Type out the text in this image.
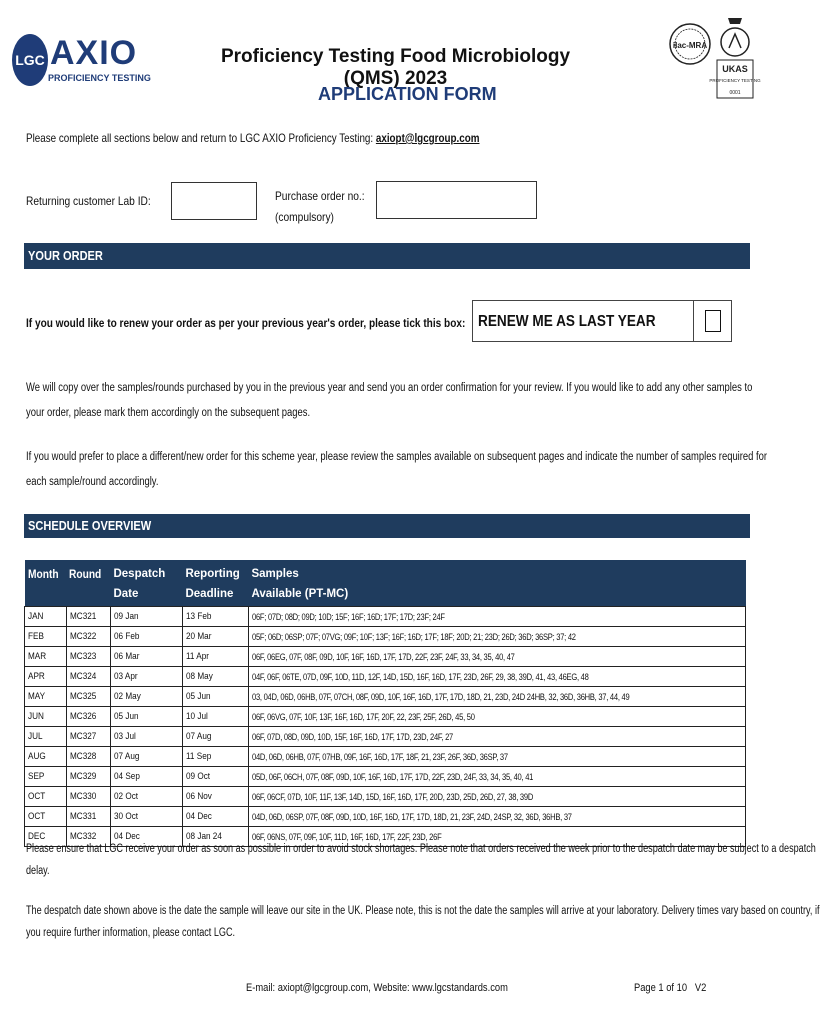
LGC AXIO
PROFICIENCY TESTING
Proficiency Testing Food Microbiology (QMS) 2023
APPLICATION FORM
ilac-MRA
UKAS
PROFICIENCY TESTING
0001
Please complete all sections below and return to LGC AXIO Proficiency Testing: axiopt@lgcgroup.com
Returning customer Lab ID:	Purchase order no.:
(compulsory)
YOUR ORDER
If you would like to renew your order as per your previous year's order, please tick this box: RENEW ME AS LAST YEAR
We will copy over the samples/rounds purchased by you in the previous year and send you an order confirmation for your review. If you would like to add any other samples to
your order, please mark them accordingly on the subsequent pages.
If you would prefer to place a different/new order for this scheme year, please review the samples available on subsequent pages and indicate the number of samples required for
each sample/round accordingly.
SCHEDULE OVERVIEW
Month	Round	Despatch Date	Reporting Deadline	Samples Available (PT-MC)
JAN	MC321	09 Jan	13 Feb	06F; 07D; 08D; 09D; 10D; 15F; 16F; 16D; 17F; 17D; 23F; 24F
FEB	MC322	06 Feb	20 Mar	05F; 06D; 06SP; 07F; 07VG; 09F; 10F; 13F; 16F; 16D; 17F; 18F; 20D; 21; 23D; 26D; 36D; 36SP; 37; 42
MAR	MC323	06 Mar	11 Apr	06F, 06EG, 07F, 08F, 09D, 10F, 16F, 16D, 17F, 17D, 22F, 23F, 24F, 33, 34, 35, 40, 47
APR	MC324	03 Apr	08 May	04F, 06F, 06TE, 07D, 09F, 10D, 11D, 12F, 14D, 15D, 16F, 16D, 17F, 23D, 26F, 29, 38, 39D, 41, 43, 46EG, 48
MAY	MC325	02 May	05 Jun	03, 04D, 06D, 06HB, 07F, 07CH, 08F, 09D, 10F, 16F, 16D, 17F, 17D, 18D, 21, 23D, 24D 24HB, 32, 36D, 36HB, 37, 44, 49
JUN	MC326	05 Jun	10 Jul	06F, 06VG, 07F, 10F, 13F, 16F, 16D, 17F, 20F, 22, 23F, 25F, 26D, 45, 50
JUL	MC327	03 Jul	07 Aug	06F, 07D, 08D, 09D, 10D, 15F, 16F, 16D, 17F, 17D, 23D, 24F, 27
AUG	MC328	07 Aug	11 Sep	04D, 06D, 06HB, 07F, 07HB, 09F, 16F, 16D, 17F, 18F, 21, 23F, 26F, 36D, 36SP, 37
SEP	MC329	04 Sep	09 Oct	05D, 06F, 06CH, 07F, 08F, 09D, 10F, 16F, 16D, 17F, 17D, 22F, 23D, 24F, 33, 34, 35, 40, 41
OCT	MC330	02 Oct	06 Nov	06F, 06CF, 07D, 10F, 11F, 13F, 14D, 15D, 16F, 16D, 17F, 20D, 23D, 25D, 26D, 27, 38, 39D
OCT	MC331	30 Oct	04 Dec	04D, 06D, 06SP, 07F, 08F, 09D, 10D, 16F, 16D, 17F, 17D, 18D, 21, 23F, 24D, 24SP, 32, 36D, 36HB, 37
DEC	MC332	04 Dec	08 Jan 24	06F, 06NS, 07F, 09F, 10F, 11D, 16F, 16D, 17F, 22F, 23D, 26F
Please ensure that LGC receive your order as soon as possible in order to avoid stock shortages. Please note that orders received the week prior to the despatch date may be subject to a despatch
delay.
The despatch date shown above is the date the sample will leave our site in the UK. Please note, this is not the date the samples will arrive at your laboratory. Delivery times vary based on country, if
you require further information, please contact LGC.
E-mail: axiopt@lgcgroup.com, Website: www.lgcstandards.com	Page 1 of 10 V2
